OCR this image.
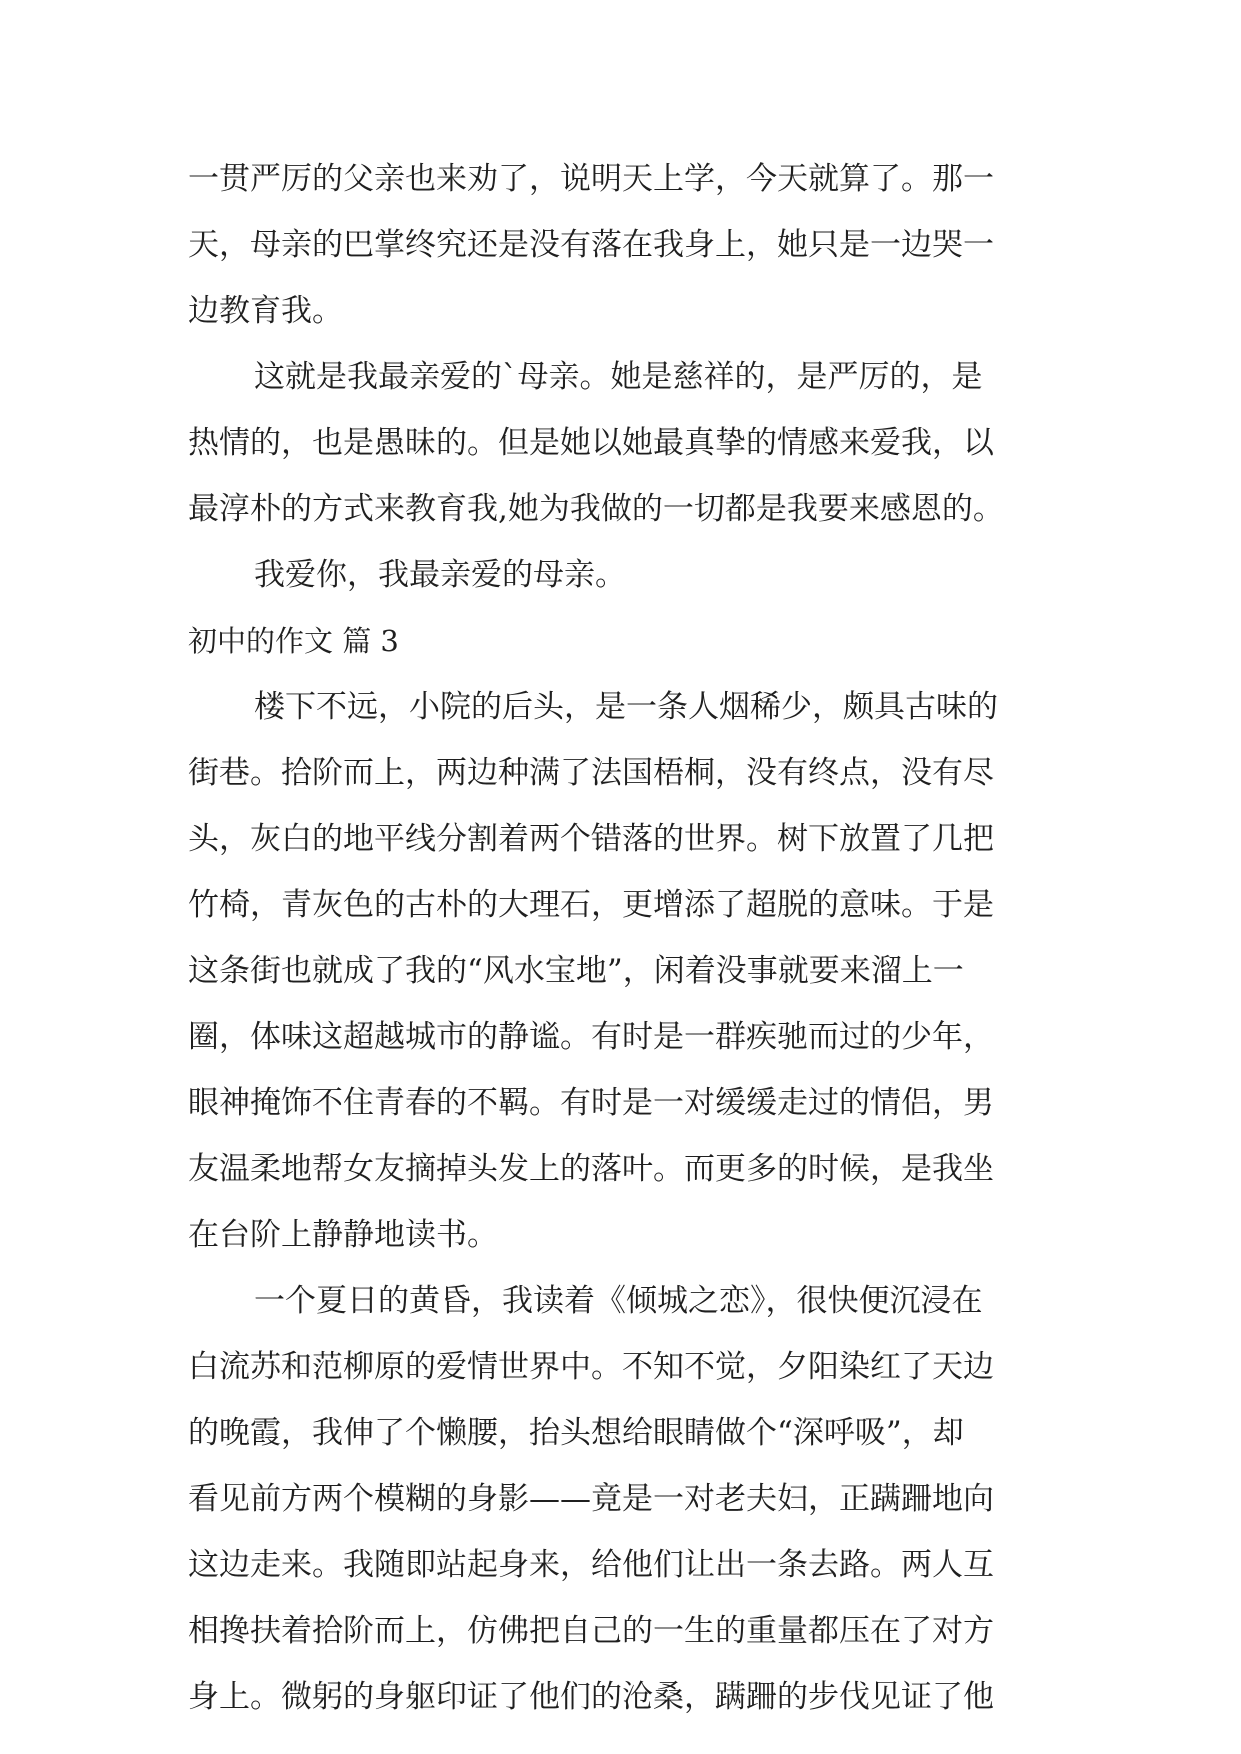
一贯严厉的父亲也来劝了，说明天上学，今天就算了。那一
天，母亲的巴掌终究还是没有落在我身上，她只是一边哭一
边教育我。
这就是我最亲爱的`母亲。她是慈祥的，是严厉的，是
热情的，也是愚昧的。但是她以她最真挚的情感来爱我，以
最淳朴的方式来教育我,她为我做的一切都是我要来感恩的。
我爱你，我最亲爱的母亲。
初中的作文 篇 3
楼下不远，小院的后头，是一条人烟稀少，颇具古味的
街巷。拾阶而上，两边种满了法国梧桐，没有终点，没有尽
头，灰白的地平线分割着两个错落的世界。树下放置了几把
竹椅，青灰色的古朴的大理石，更增添了超脱的意味。于是
这条街也就成了我的“风水宝地”，闲着没事就要来溜上一
圈，体味这超越城市的静谧。有时是一群疾驰而过的少年，
眼神掩饰不住青春的不羁。有时是一对缓缓走过的情侣，男
友温柔地帮女友摘掉头发上的落叶。而更多的时候，是我坐
在台阶上静静地读书。
一个夏日的黄昏，我读着《倾城之恋》，很快便沉浸在
白流苏和范柳原的爱情世界中。不知不觉，夕阳染红了天边
的晚霞，我伸了个懒腰，抬头想给眼睛做个“深呼吸”，却
看见前方两个模糊的身影——竟是一对老夫妇，正蹒跚地向
这边走来。我随即站起身来，给他们让出一条去路。两人互
相搀扶着拾阶而上，仿佛把自己的一生的重量都压在了对方
身上。微躬的身躯印证了他们的沧桑，蹒跚的步伐见证了他
